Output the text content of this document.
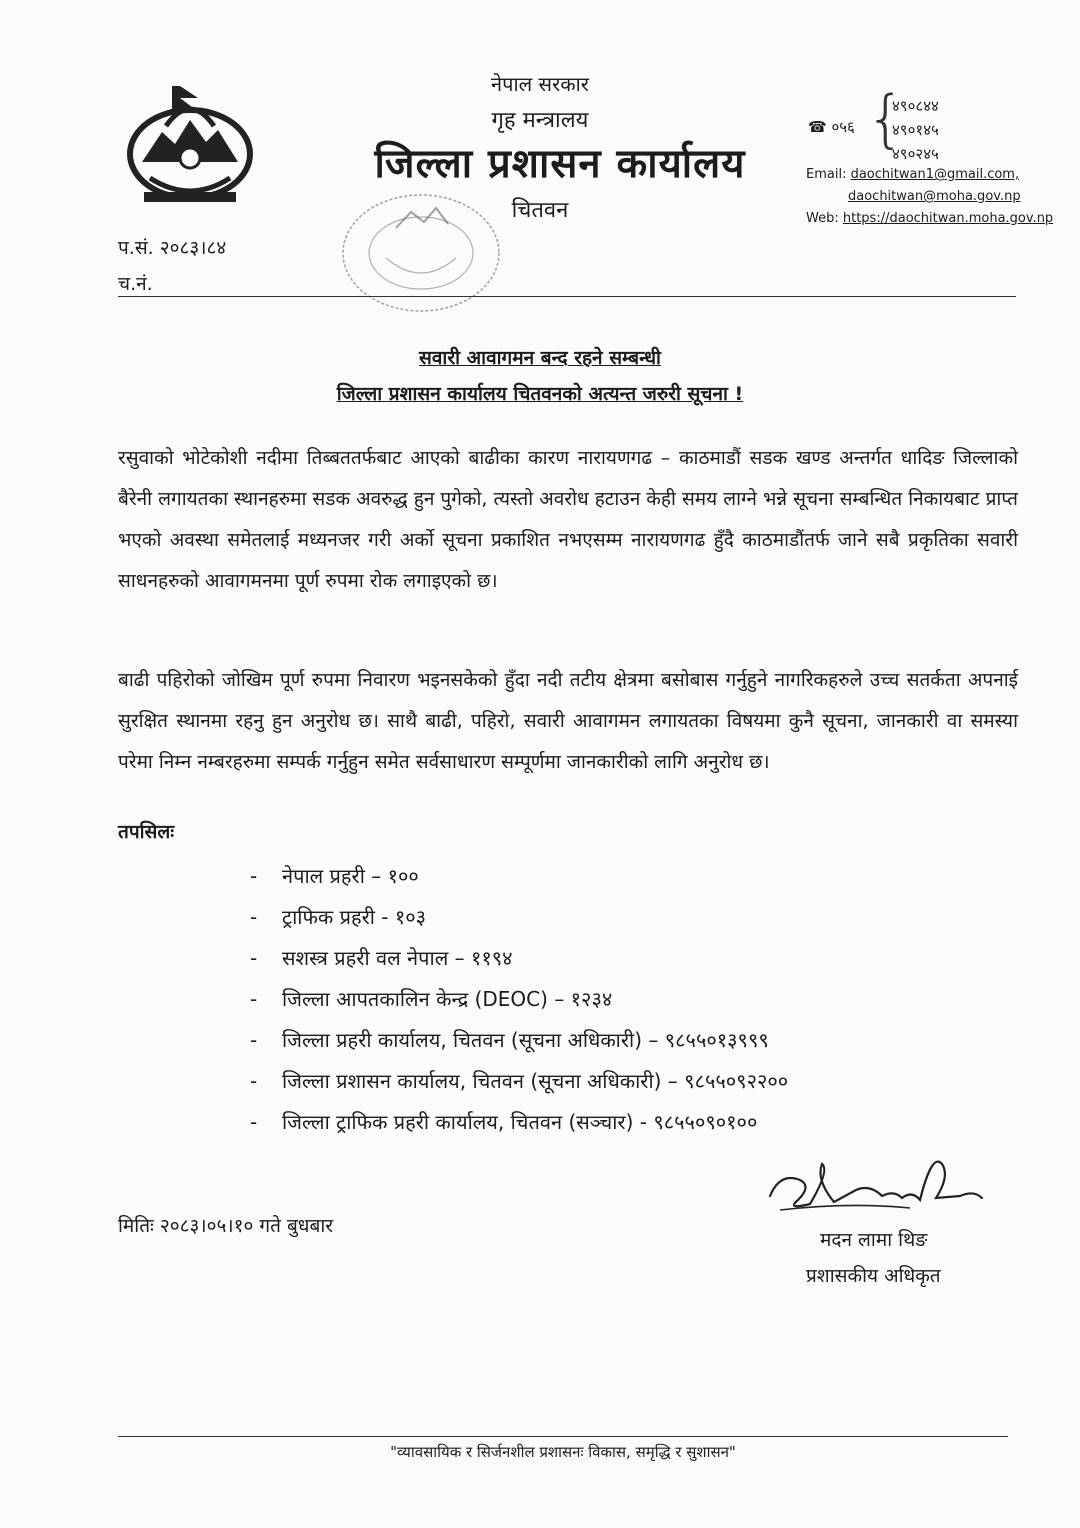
नेपाल सरकार
गृह मन्त्रालय
जिल्ला प्रशासन कार्यालय
चितवन
☎ ०५६ {
४९०८४४
४९०१४५
४९०२४५
Email: daochitwan1@gmail.com,
daochitwan@moha.gov.np
Web: https://daochitwan.moha.gov.np
प.सं. २०८३।८४
च.नं.
सवारी आवागमन बन्द रहने सम्बन्धी
जिल्ला प्रशासन कार्यालय चितवनको अत्यन्त जरुरी सूचना !
रसुवाको भोटेकोशी नदीमा तिब्बततर्फबाट आएको बाढीका कारण नारायणगढ – काठमाडौं सडक खण्ड अन्तर्गत धादिङ जिल्लाको बैरेनी लगायतका स्थानहरुमा सडक अवरुद्ध हुन पुगेको, त्यस्तो अवरोध हटाउन केही समय लाग्ने भन्ने सूचना सम्बन्धित निकायबाट प्राप्त भएको अवस्था समेतलाई मध्यनजर गरी अर्को सूचना प्रकाशित नभएसम्म नारायणगढ हुँदै काठमाडौंतर्फ जाने सबै प्रकृतिका सवारी साधनहरुको आवागमनमा पूर्ण रुपमा रोक लगाइएको छ।
बाढी पहिरोको जोखिम पूर्ण रुपमा निवारण भइनसकेको हुँदा नदी तटीय क्षेत्रमा बसोबास गर्नुहुने नागरिकहरुले उच्च सतर्कता अपनाई सुरक्षित स्थानमा रहनु हुन अनुरोध छ। साथै बाढी, पहिरो, सवारी आवागमन लगायतका विषयमा कुनै सूचना, जानकारी वा समस्या परेमा निम्न नम्बरहरुमा सम्पर्क गर्नुहुन समेत सर्वसाधारण सम्पूर्णमा जानकारीको लागि अनुरोध छ।
तपसिलः
- नेपाल प्रहरी – १००
- ट्राफिक प्रहरी - १०३
- सशस्त्र प्रहरी वल नेपाल – ११९४
- जिल्ला आपतकालिन केन्द्र (DEOC) – १२३४
- जिल्ला प्रहरी कार्यालय, चितवन (सूचना अधिकारी) – ९८५५०१३९९९
- जिल्ला प्रशासन कार्यालय, चितवन (सूचना अधिकारी) – ९८५५०९२२००
- जिल्ला ट्राफिक प्रहरी कार्यालय, चितवन (सञ्चार) - ९८५५०९०१००
मितिः २०८३।०५।१० गते बुधबार
मदन लामा थिङ
प्रशासकीय अधिकृत
"व्यावसायिक र सिर्जनशील प्रशासनः विकास, समृद्धि र सुशासन"
